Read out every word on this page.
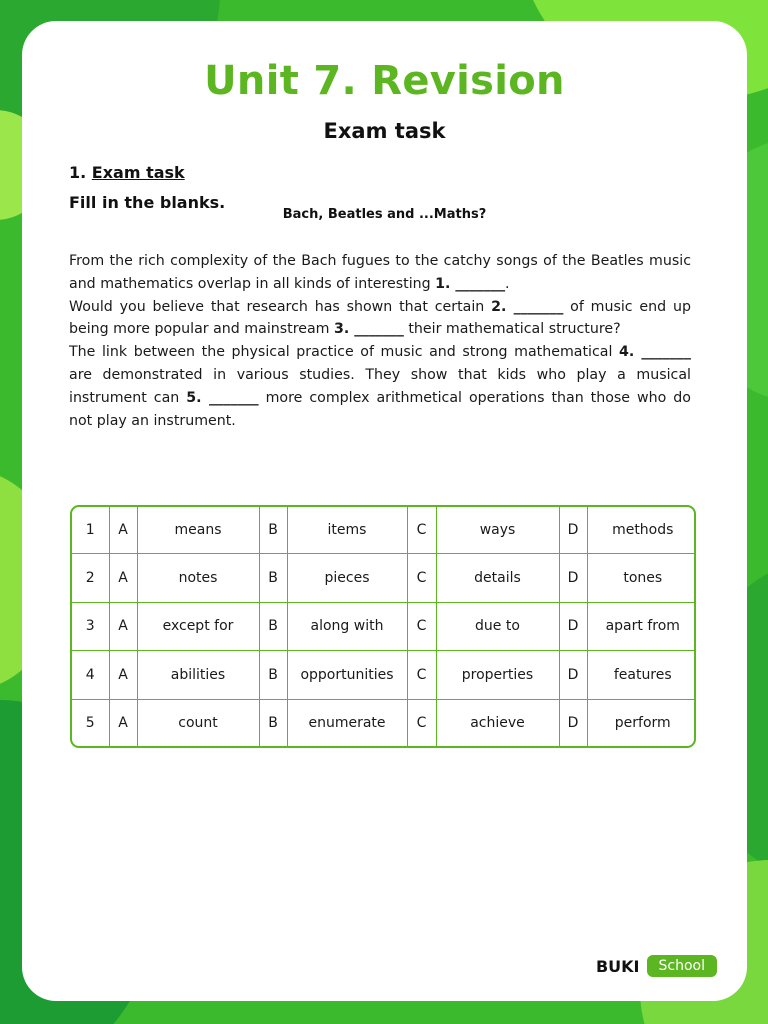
Unit 7. Revision
Exam task
1. Exam task
Fill in the blanks.
Bach, Beatles and ...Maths?

From the rich complexity of the Bach fugues to the catchy songs of the Beatles music and mathematics overlap in all kinds of interesting 1. _______.

Would you believe that research has shown that certain 2. _______ of music end up being more popular and mainstream 3. _______ their mathematical structure?

The link between the physical practice of music and strong mathematical 4. _______ are demonstrated in various studies. They show that kids who play a musical instrument can 5. _______ more complex arithmetical operations than those who do not play an instrument.

1	A	means	B	items	C	ways	D	methods
2	A	notes	B	pieces	C	details	D	tones
3	A	except for	B	along with	C	due to	D	apart from
4	A	abilities	B	opportunities	C	properties	D	features
5	A	count	B	enumerate	C	achieve	D	perform
BUKI	School
